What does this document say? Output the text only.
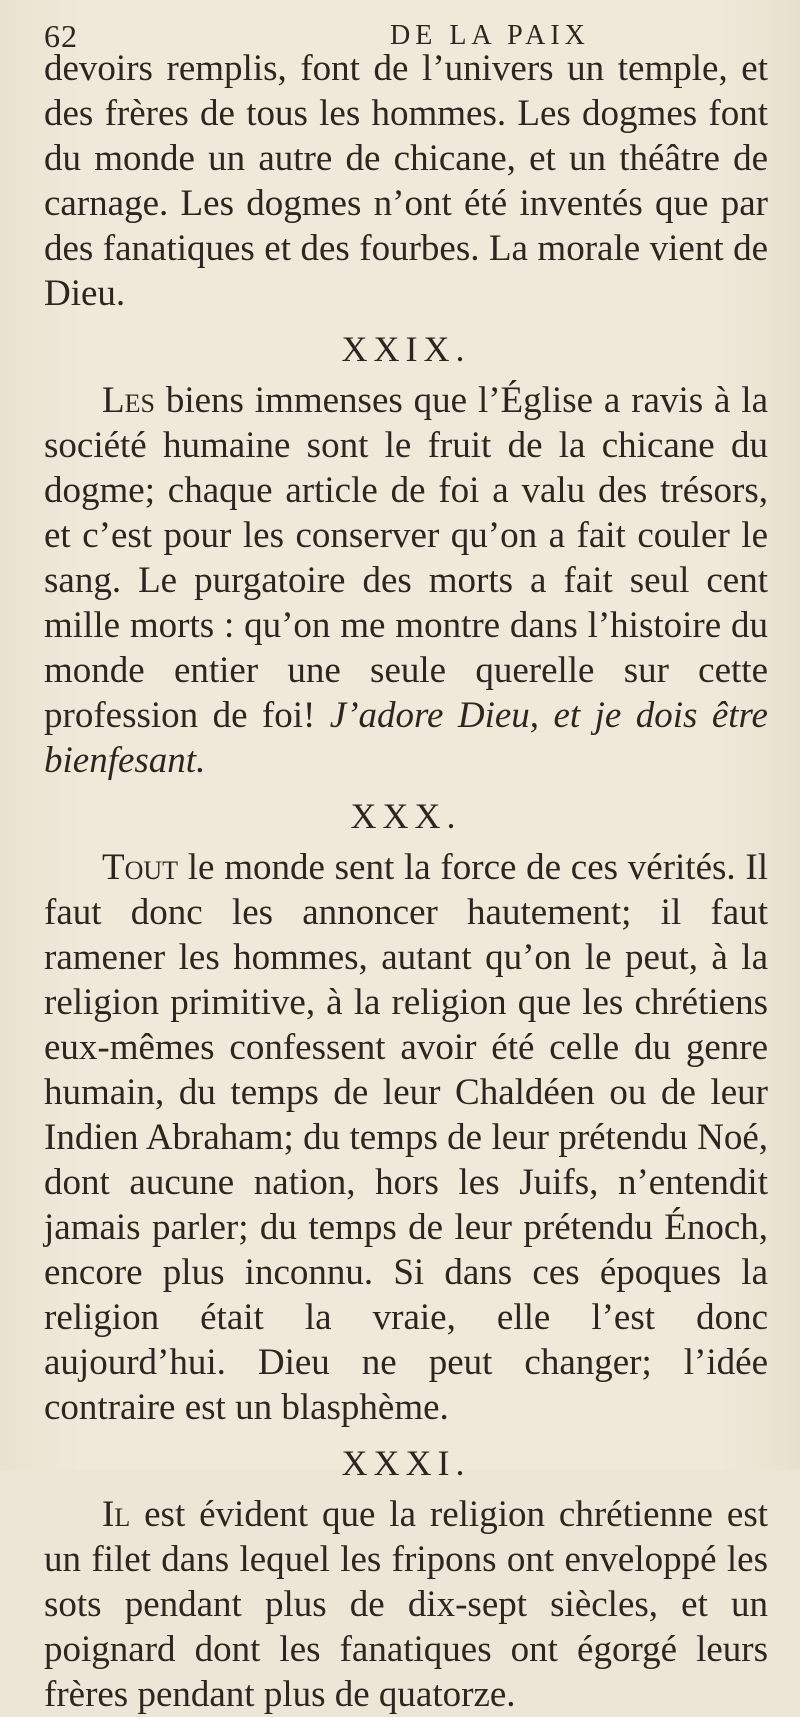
62	DE LA PAIX

devoirs remplis, font de l’univers un temple, et des frères de tous les hommes. Les dogmes font du monde un autre de chicane, et un théâtre de carnage. Les dogmes n’ont été inventés que par des fanatiques et des fourbes. La morale vient de Dieu.

XXIX.

Les biens immenses que l’Église a ravis à la société humaine sont le fruit de la chicane du dogme; chaque article de foi a valu des trésors, et c’est pour les conserver qu’on a fait couler le sang. Le purgatoire des morts a fait seul cent mille morts : qu’on me montre dans l’histoire du monde entier une seule querelle sur cette profession de foi! J’adore Dieu, et je dois être bienfesant.

XXX.

Tout le monde sent la force de ces vérités. Il faut donc les annoncer hautement; il faut ramener les hommes, autant qu’on le peut, à la religion primitive, à la religion que les chrétiens eux-mêmes confessent avoir été celle du genre humain, du temps de leur Chaldéen ou de leur Indien Abraham; du temps de leur prétendu Noé, dont aucune nation, hors les Juifs, n’entendit jamais parler; du temps de leur prétendu Énoch, encore plus inconnu. Si dans ces époques la religion était la vraie, elle l’est donc aujourd’hui. Dieu ne peut changer; l’idée contraire est un blasphème.

XXXI.

Il est évident que la religion chrétienne est un filet dans lequel les fripons ont enveloppé les sots pendant plus de dix-sept siècles, et un poignard dont les fanatiques ont égorgé leurs frères pendant plus de quatorze.
